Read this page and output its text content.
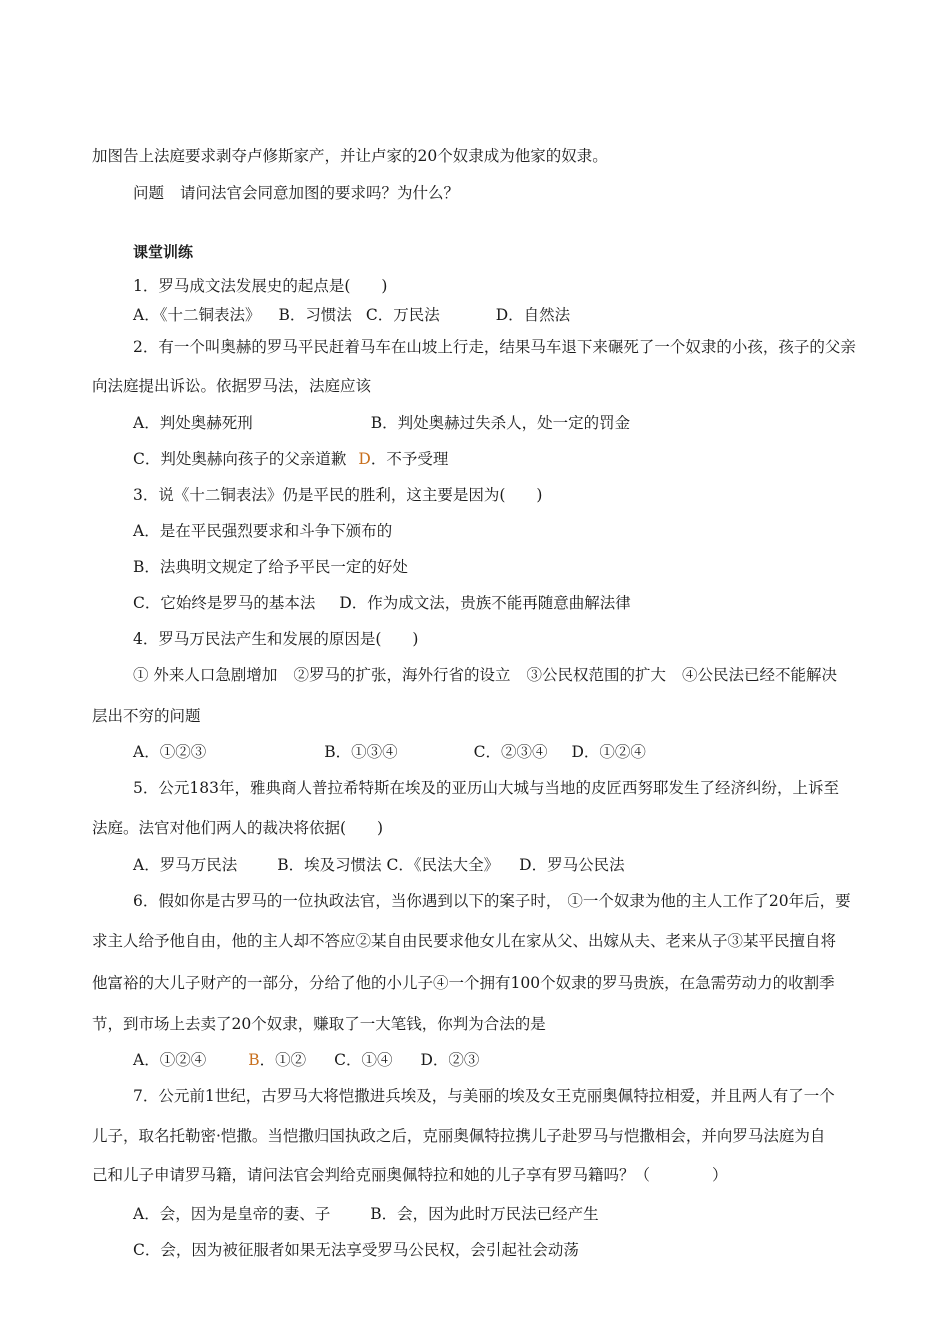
加图告上法庭要求剥夺卢修斯家产，并让卢家的20个奴隶成为他家的奴隶。
问题 请问法官会同意加图的要求吗？为什么？
课堂训练
1．罗马成文法发展史的起点是(　　)
A．《十二铜表法》 B．习惯法 C．万民法	D．自然法
2．有一个叫奥赫的罗马平民赶着马车在山坡上行走，结果马车退下来碾死了一个奴隶的小孩，孩子的父亲
向法庭提出诉讼。依据罗马法，法庭应该
A．判处奥赫死刑	B．判处奥赫过失杀人，处一定的罚金
C．判处奥赫向孩子的父亲道歉 D．不予受理
3．说《十二铜表法》仍是平民的胜利，这主要是因为(　　)
A．是在平民强烈要求和斗争下颁布的
B．法典明文规定了给予平民一定的好处
C．它始终是罗马的基本法 D．作为成文法，贵族不能再随意曲解法律
4．罗马万民法产生和发展的原因是(　　)
① 外来人口急剧增加 ②罗马的扩张，海外行省的设立 ③公民权范围的扩大 ④公民法已经不能解决
层出不穷的问题
A．①②③	B．①③④	C．②③④ D．①②④
5．公元183年，雅典商人普拉希特斯在埃及的亚历山大城与当地的皮匠西努耶发生了经济纠纷，上诉至
法庭。法官对他们两人的裁决将依据(　　)
A．罗马万民法	B．埃及习惯法 C．《民法大全》 D．罗马公民法
6．假如你是古罗马的一位执政法官，当你遇到以下的案子时， ①一个奴隶为他的主人工作了20年后，要
求主人给予他自由，他的主人却不答应②某自由民要求他女儿在家从父、出嫁从夫、老来从子③某平民擅自将
他富裕的大儿子财产的一部分，分给了他的小儿子④一个拥有100个奴隶的罗马贵族，在急需劳动力的收割季
节，到市场上去卖了20个奴隶，赚取了一大笔钱，你判为合法的是
A．①②④	B．①② C．①④ D．②③
7．公元前1世纪，古罗马大将恺撒进兵埃及，与美丽的埃及女王克丽奥佩特拉相爱，并且两人有了一个
儿子，取名托勒密·恺撒。当恺撒归国执政之后，克丽奥佩特拉携儿子赴罗马与恺撒相会，并向罗马法庭为自
己和儿子申请罗马籍，请问法官会判给克丽奥佩特拉和她的儿子享有罗马籍吗？（　　　　）
A．会，因为是皇帝的妻、子	B．会，因为此时万民法已经产生
C．会，因为被征服者如果无法享受罗马公民权，会引起社会动荡
